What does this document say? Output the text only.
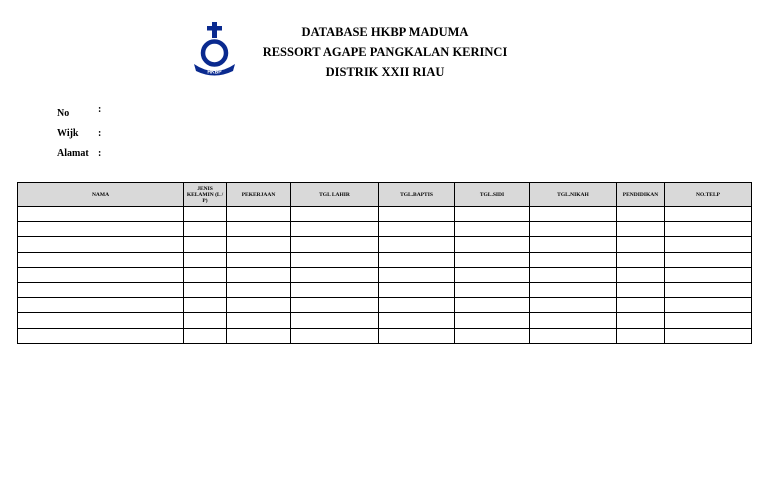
HKBP
DATABASE HKBP MADUMA
RESSORT AGAPE PANGKALAN KERINCI
DISTRIK XXII RIAU
No	:
Wijk :
Alamat :
NAMA	JENIS KELAMIN (L / P)	PEKERJAAN	TGL LAHIR	TGL.BAPTIS	TGL.SIDI	TGL.NIKAH	PENDIDIKAN	NO.TELP
